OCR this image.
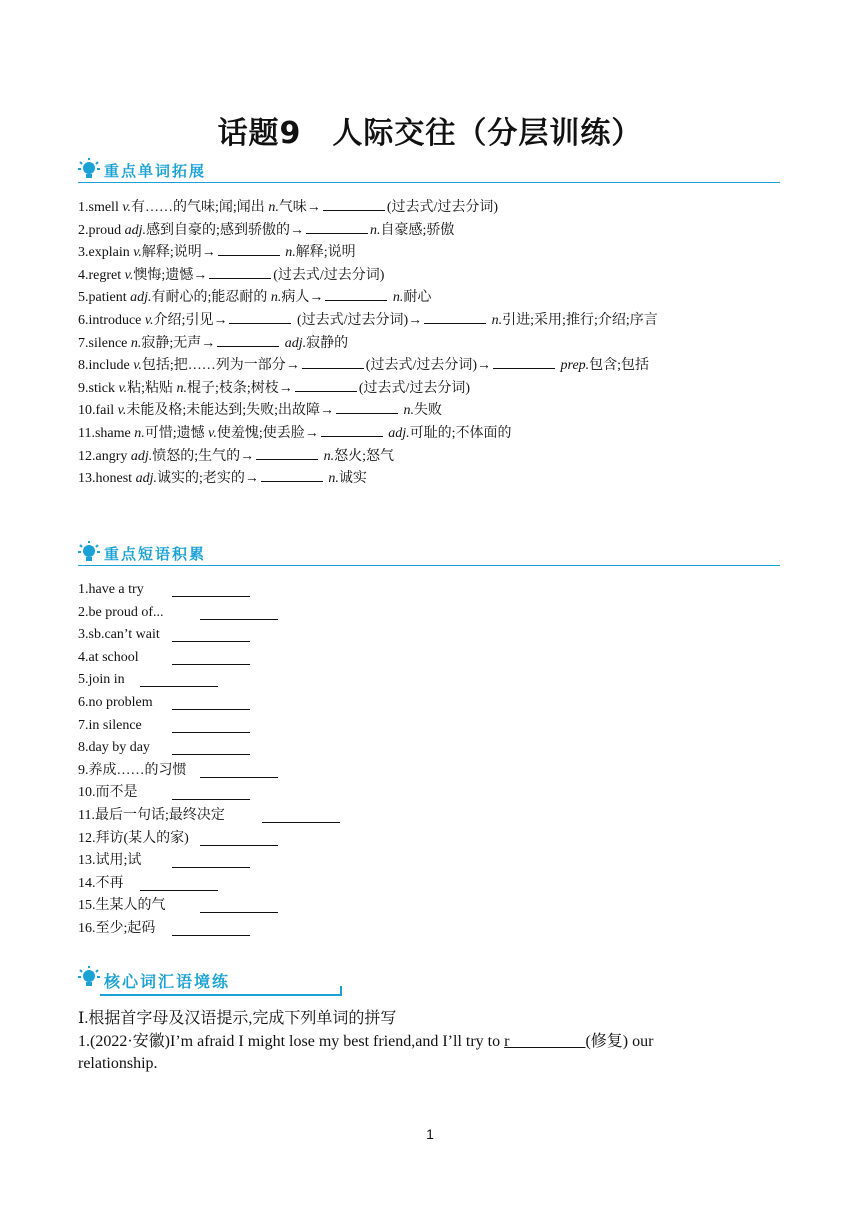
话题9　人际交往（分层训练）
重点单词拓展
1.smell v.有……的气味;闻;闻出 n.气味→	(过去式/过去分词)
2.proud adj.感到自豪的;感到骄傲的→	n.自豪感;骄傲
3.explain v.解释;说明→	n.解释;说明
4.regret v.懊悔;遗憾→	(过去式/过去分词)
5.patient adj.有耐心的;能忍耐的 n.病人→	n.耐心
6.introduce v.介绍;引见→	(过去式/过去分词)→	n.引进;采用;推行;介绍;序言
7.silence n.寂静;无声→	adj.寂静的
8.include v.包括;把……列为一部分→	(过去式/过去分词)→	prep.包含;包括
9.stick v.粘;粘贴 n.棍子;枝条;树枝→	(过去式/过去分词)
10.fail v.未能及格;未能达到;失败;出故障→	n.失败
11.shame n.可惜;遗憾 v.使羞愧;使丢脸→	adj.可耻的;不体面的
12.angry adj.愤怒的;生气的→	n.怒火;怒气
13.honest adj.诚实的;老实的→	n.诚实
重点短语积累
1.have a try
2.be proud of...
3.sb.can’t wait
4.at school
5.join in
6.no problem
7.in silence
8.day by day
9.养成……的习惯
10.而不是
11.最后一句话;最终决定
12.拜访(某人的家)
13.试用;试
14.不再
15.生某人的气
16.至少;起码
核心词汇语境练
Ⅰ.根据首字母及汉语提示,完成下列单词的拼写
1.(2022·安徽)I’m afraid I might lose my best friend,and I’ll try to r	(修复) our
relationship.
1
